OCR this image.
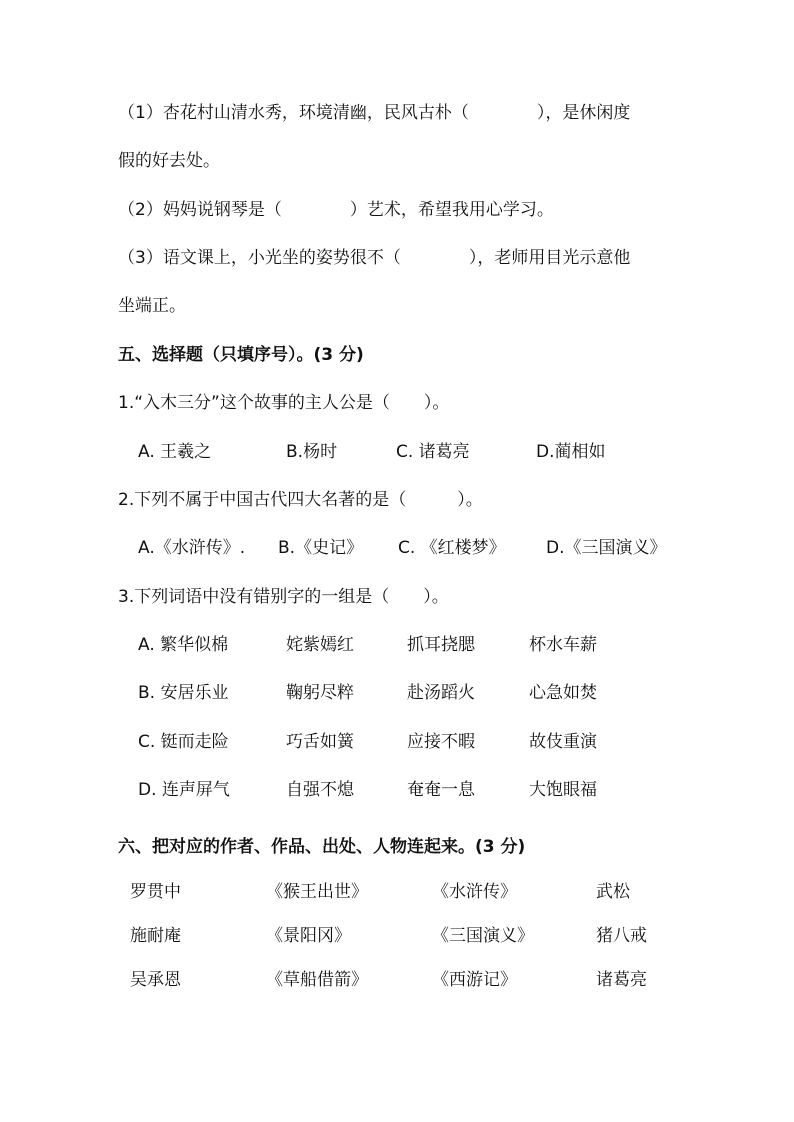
（1）杏花村山清水秀，环境清幽，民风古朴（　　　　），是休闲度
假的好去处。
（2）妈妈说钢琴是（　　　　）艺术，希望我用心学习。
（3）语文课上，小光坐的姿势很不（　　　　），老师用目光示意他
坐端正。
五、选择题（只填序号）。(3 分)
1.“入木三分”这个故事的主人公是（　　）。
A. 王羲之	B.杨时	C. 诸葛亮	D.蔺相如
2.下列不属于中国古代四大名著的是（　　　）。
A.《水浒传》. B.《史记》 C. 《红楼梦》 D.《三国演义》
3.下列词语中没有错别字的一组是（　　）。
A. 繁华似棉	姹紫嫣红	抓耳挠腮	杯水车薪
B. 安居乐业	鞠躬尽粹	赴汤蹈火	心急如焚
C. 铤而走险	巧舌如簧	应接不暇	故伎重演
D. 连声屏气	自强不熄	奄奄一息	大饱眼福
六、把对应的作者、作品、出处、人物连起来。(3 分)
罗贯中	《猴王出世》	《水浒传》	武松
施耐庵	《景阳冈》	《三国演义》	猪八戒
吴承恩	《草船借箭》	《西游记》	诸葛亮
